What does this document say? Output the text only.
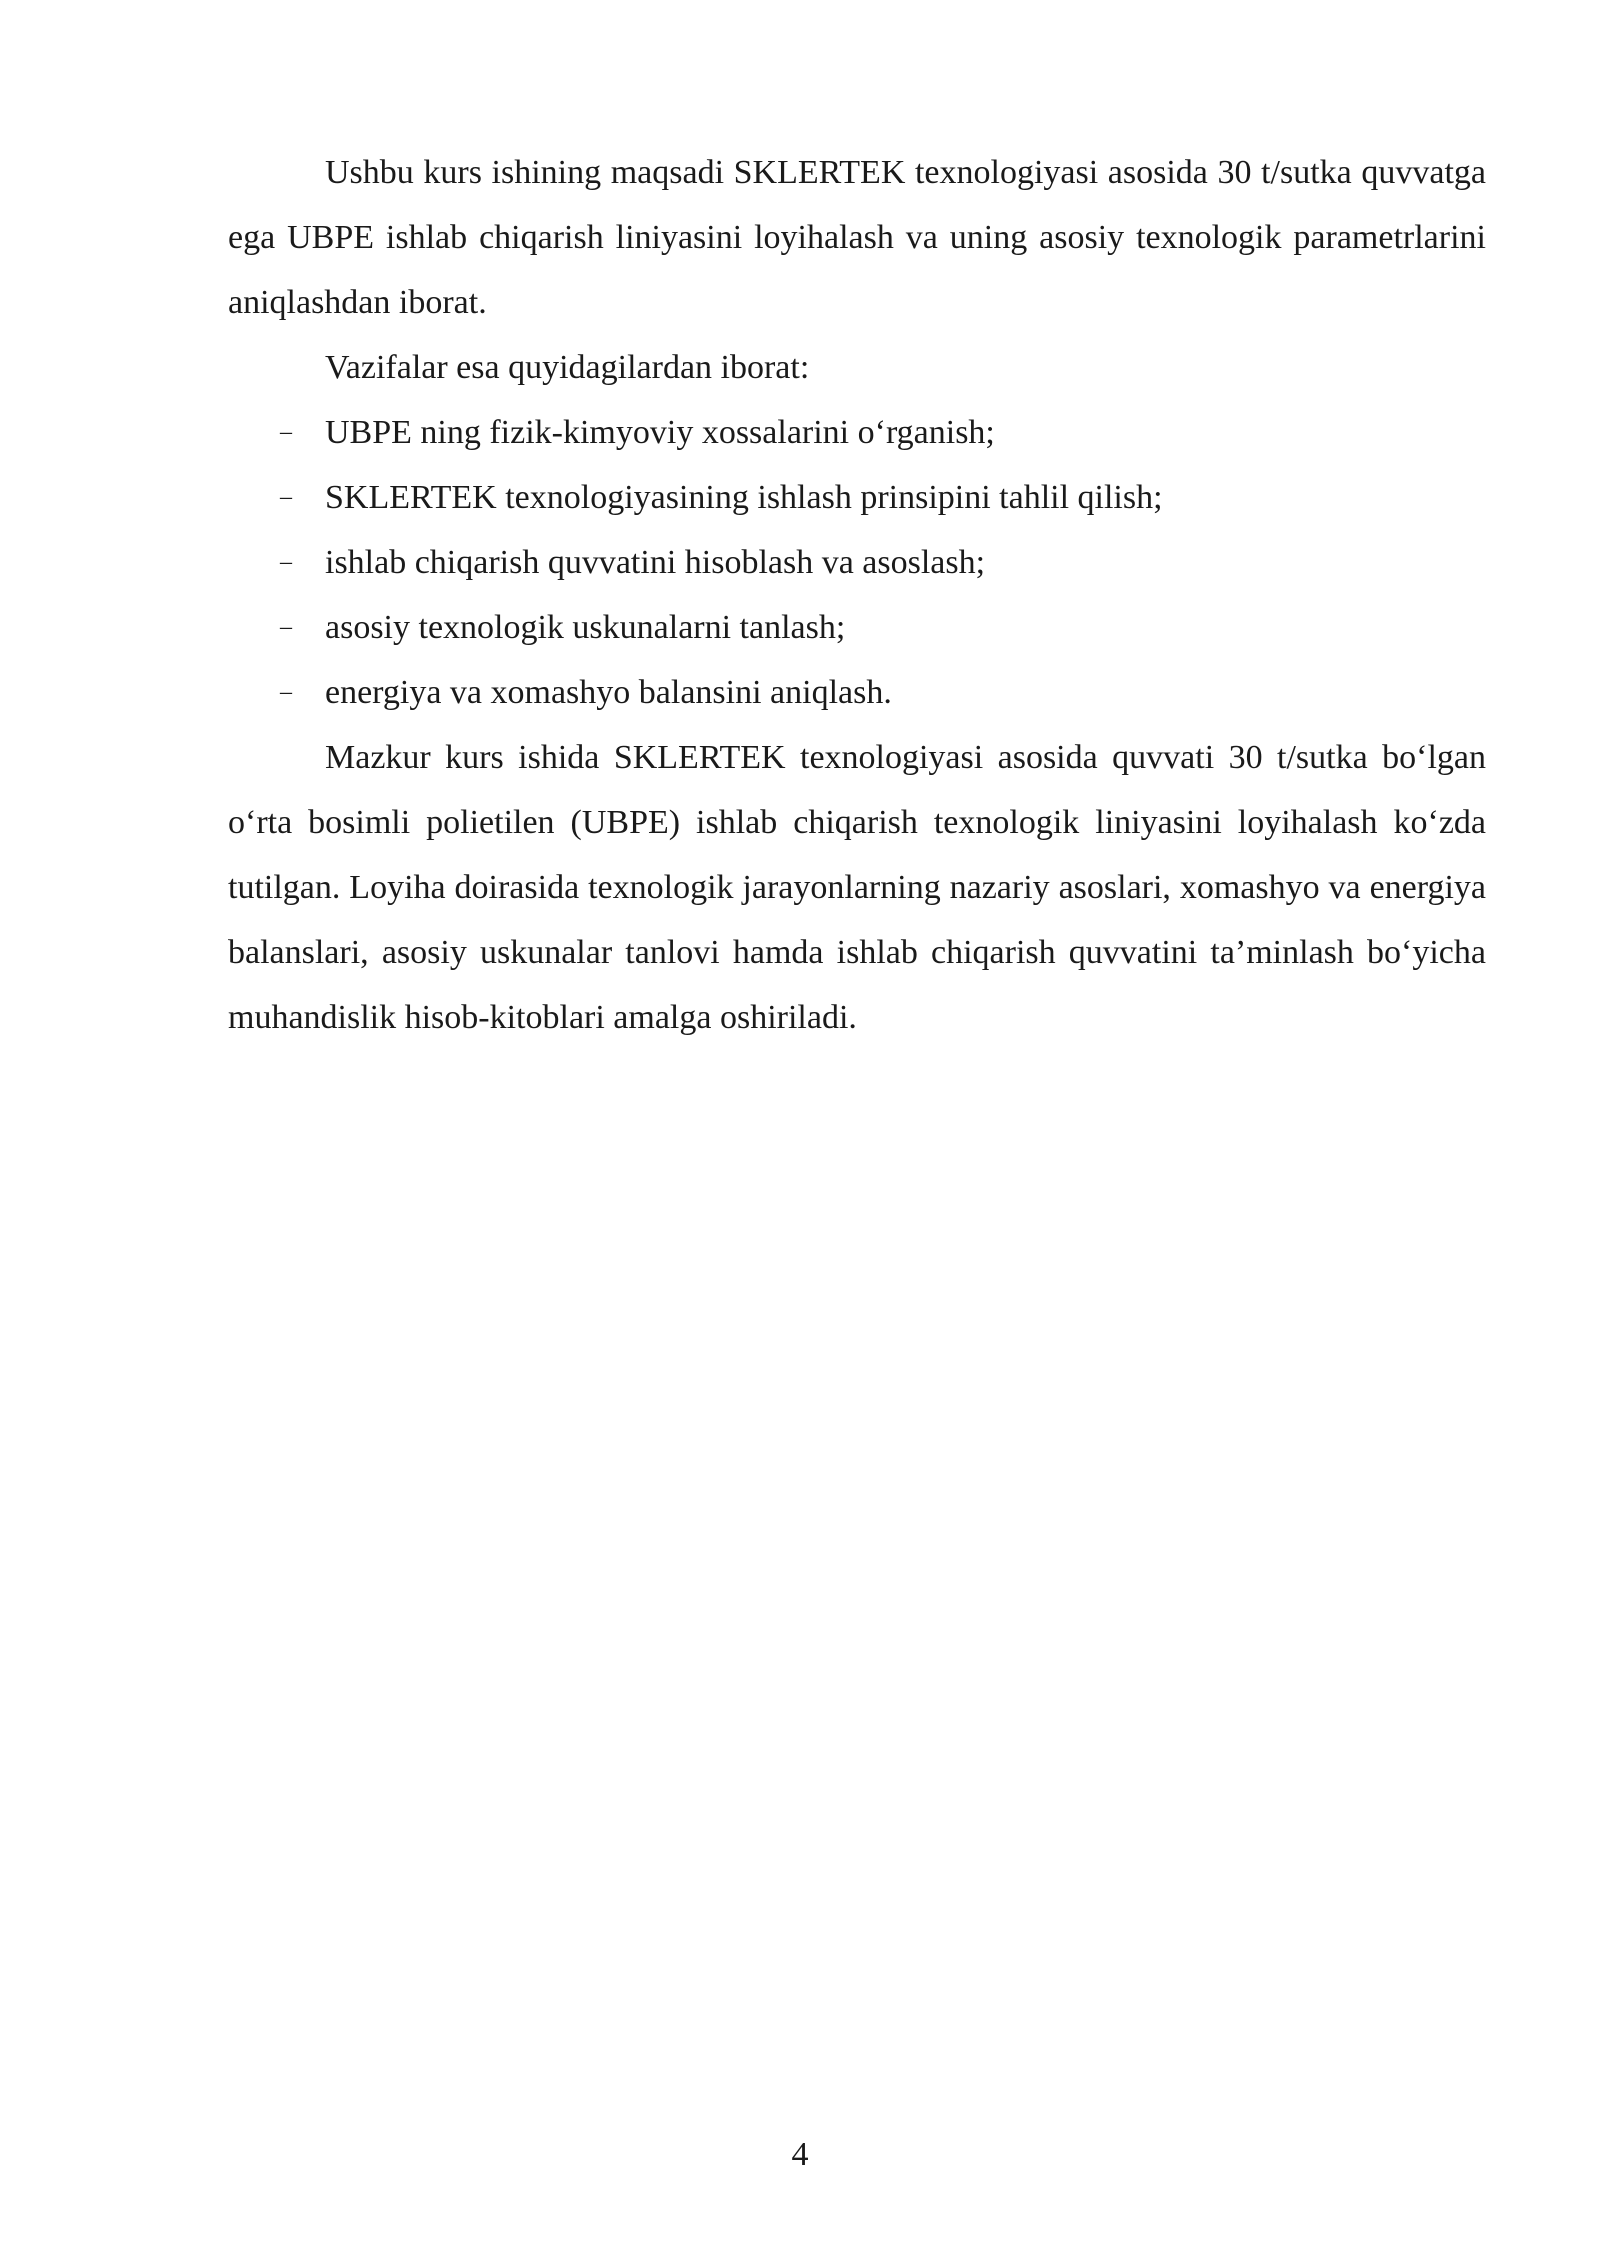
Ushbu kurs ishining maqsadi SKLERTEK texnologiyasi asosida 30 t/sutka quvvatga ega UBPE ishlab chiqarish liniyasini loyihalash va uning asosiy texnologik parametrlarini aniqlashdan iborat.

Vazifalar esa quyidagilardan iborat:

– UBPE ning fizik-kimyoviy xossalarini o‘rganish;
– SKLERTEK texnologiyasining ishlash prinsipini tahlil qilish;
– ishlab chiqarish quvvatini hisoblash va asoslash;
– asosiy texnologik uskunalarni tanlash;
– energiya va xomashyo balansini aniqlash.

Mazkur kurs ishida SKLERTEK texnologiyasi asosida quvvati 30 t/sutka bo‘lgan o‘rta bosimli polietilen (UBPE) ishlab chiqarish texnologik liniyasini loyihalash ko‘zda tutilgan. Loyiha doirasida texnologik jarayonlarning nazariy asoslari, xomashyo va energiya balanslari, asosiy uskunalar tanlovi hamda ishlab chiqarish quvvatini ta’minlash bo‘yicha muhandislik hisob-kitoblari amalga oshiriladi.

4
